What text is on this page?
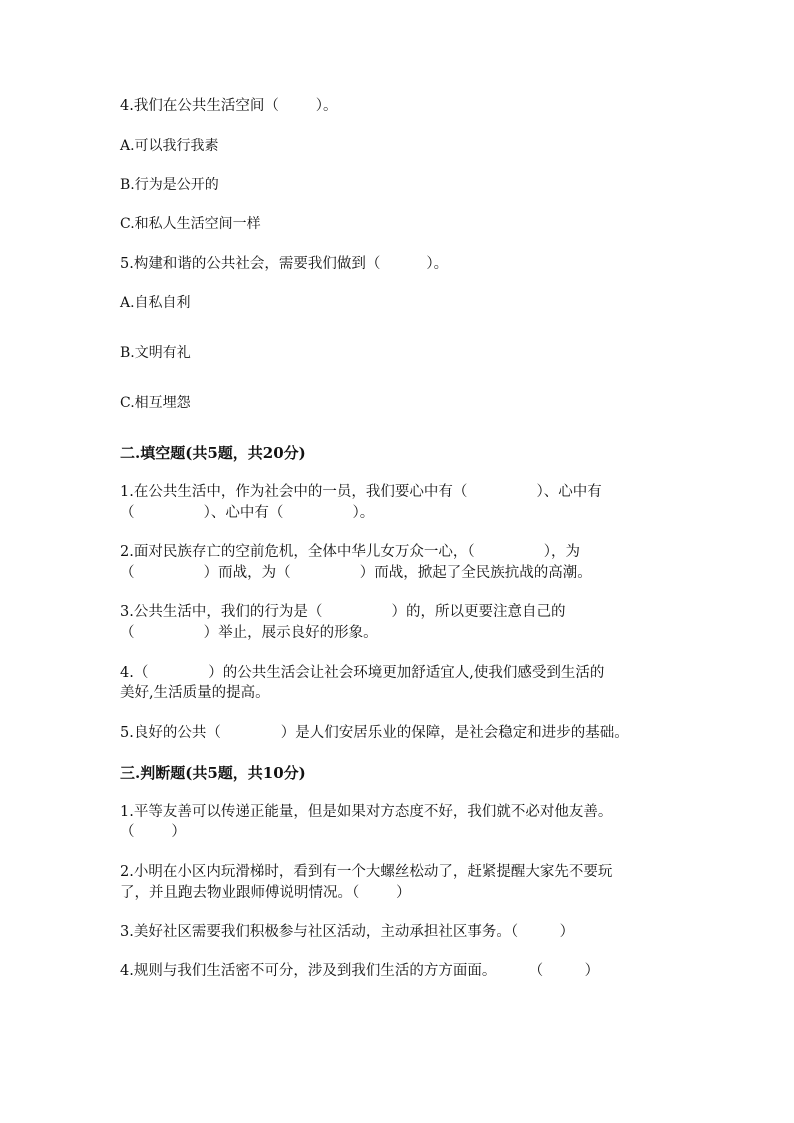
4.我们在公共生活空间（        ）。
A.可以我行我素
B.行为是公开的
C.和私人生活空间一样
5.构建和谐的公共社会，需要我们做到（          ）。
A.自私自利
B.文明有礼
C.相互埋怨
二.填空题(共5题，共20分)
1.在公共生活中，作为社会中的一员，我们要心中有（               ）、心中有
（               ）、心中有（               ）。
2.面对民族存亡的空前危机，全体中华儿女万众一心，（               ），为
（               ）而战，为（               ）而战，掀起了全民族抗战的高潮。
3.公共生活中，我们的行为是（               ）的，所以更要注意自己的
（               ）举止，展示良好的形象。
4.（             ）的公共生活会让社会环境更加舒适宜人,使我们感受到生活的
美好,生活质量的提高。
5.良好的公共（             ）是人们安居乐业的保障，是社会稳定和进步的基础。
三.判断题(共5题，共10分)
1.平等友善可以传递正能量，但是如果对方态度不好，我们就不必对他友善。
（        ）
2.小明在小区内玩滑梯时，看到有一个大螺丝松动了，赶紧提醒大家先不要玩
了，并且跑去物业跟师傅说明情况。（        ）
3.美好社区需要我们积极参与社区活动，主动承担社区事务。（         ）
4.规则与我们生活密不可分，涉及到我们生活的方方面面。       （         ）
